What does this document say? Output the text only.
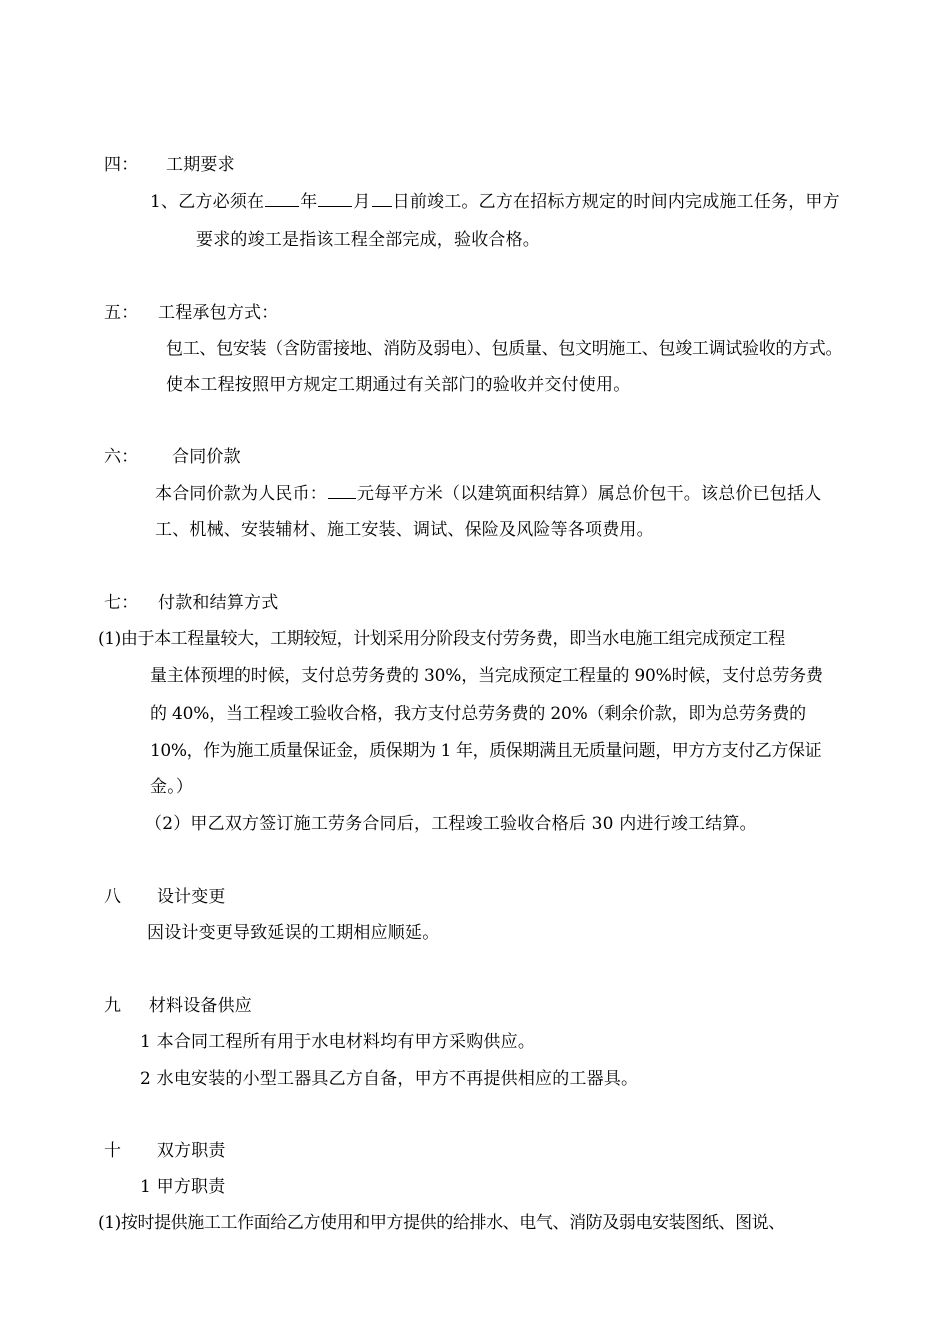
四： 工期要求
1、乙方必须在 年 月 日前竣工。乙方在招标方规定的时间内完成施工任务，甲方
要求的竣工是指该工程全部完成，验收合格。
五： 工程承包方式：
包工、包安装（含防雷接地、消防及弱电）、包质量、包文明施工、包竣工调试验收的方式。
使本工程按照甲方规定工期通过有关部门的验收并交付使用。
六： 合同价款
本合同价款为人民币： 元每平方米（以建筑面积结算）属总价包干。该总价已包括人
工、机械、安装辅材、施工安装、调试、保险及风险等各项费用。
七： 付款和结算方式
(1)由于本工程量较大，工期较短，计划采用分阶段支付劳务费，即当水电施工组完成预定工程
量主体预埋的时候，支付总劳务费的 30%，当完成预定工程量的 90%时候，支付总劳务费
的 40%，当工程竣工验收合格，我方支付总劳务费的 20%（剩余价款，即为总劳务费的
10%，作为施工质量保证金，质保期为 1 年，质保期满且无质量问题，甲方方支付乙方保证
金。）
（2）甲乙双方签订施工劳务合同后，工程竣工验收合格后 30 内进行竣工结算。
八 设计变更
因设计变更导致延误的工期相应顺延。
九 材料设备供应
1 本合同工程所有用于水电材料均有甲方采购供应。
2 水电安装的小型工器具乙方自备，甲方不再提供相应的工器具。
十 双方职责
1 甲方职责
(1)按时提供施工工作面给乙方使用和甲方提供的给排水、电气、消防及弱电安装图纸、图说、
